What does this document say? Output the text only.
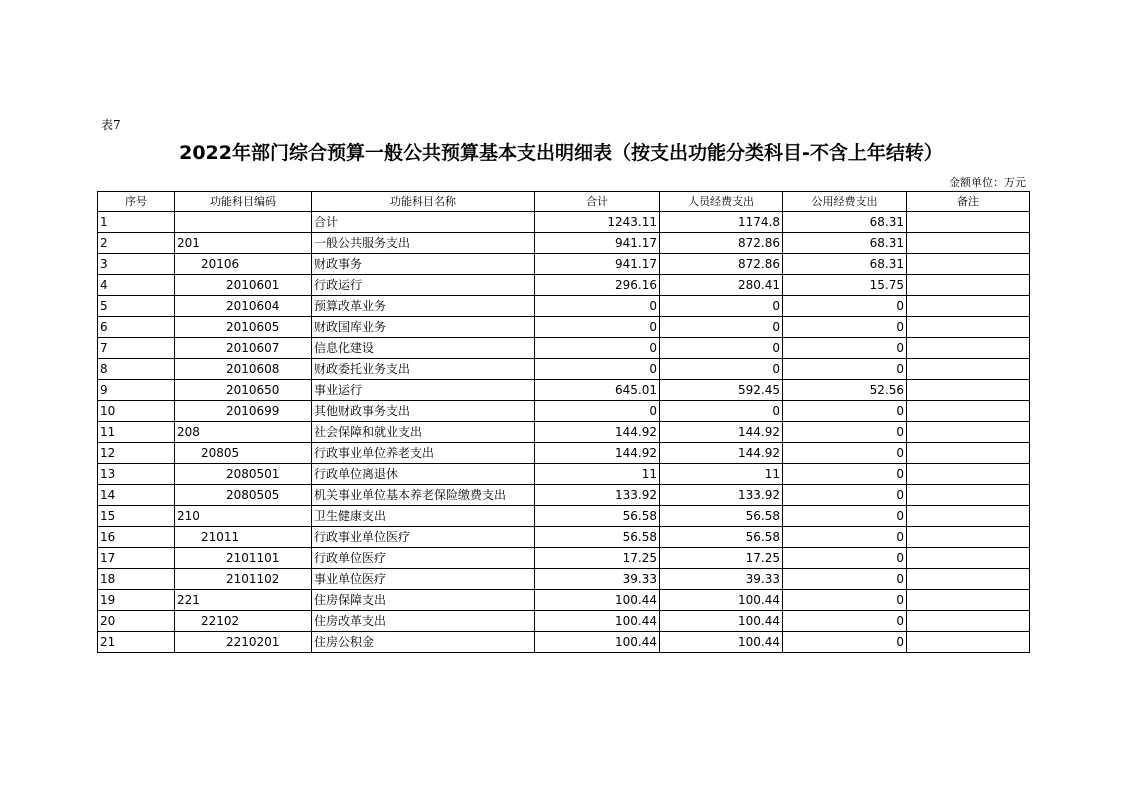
表7
2022年部门综合预算一般公共预算基本支出明细表（按支出功能分类科目-不含上年结转）
金额单位：万元
序号	功能科目编码	功能科目名称	合计	人员经费支出	公用经费支出	备注
1		合计	1243.11	1174.8	68.31	
2	201	一般公共服务支出	941.17	872.86	68.31	
3	20106	财政事务	941.17	872.86	68.31	
4	2010601	行政运行	296.16	280.41	15.75	
5	2010604	预算改革业务	0	0	0	
6	2010605	财政国库业务	0	0	0	
7	2010607	信息化建设	0	0	0	
8	2010608	财政委托业务支出	0	0	0	
9	2010650	事业运行	645.01	592.45	52.56	
10	2010699	其他财政事务支出	0	0	0	
11	208	社会保障和就业支出	144.92	144.92	0	
12	20805	行政事业单位养老支出	144.92	144.92	0	
13	2080501	行政单位离退休	11	11	0	
14	2080505	机关事业单位基本养老保险缴费支出	133.92	133.92	0	
15	210	卫生健康支出	56.58	56.58	0	
16	21011	行政事业单位医疗	56.58	56.58	0	
17	2101101	行政单位医疗	17.25	17.25	0	
18	2101102	事业单位医疗	39.33	39.33	0	
19	221	住房保障支出	100.44	100.44	0	
20	22102	住房改革支出	100.44	100.44	0	
21	2210201	住房公积金	100.44	100.44	0	
